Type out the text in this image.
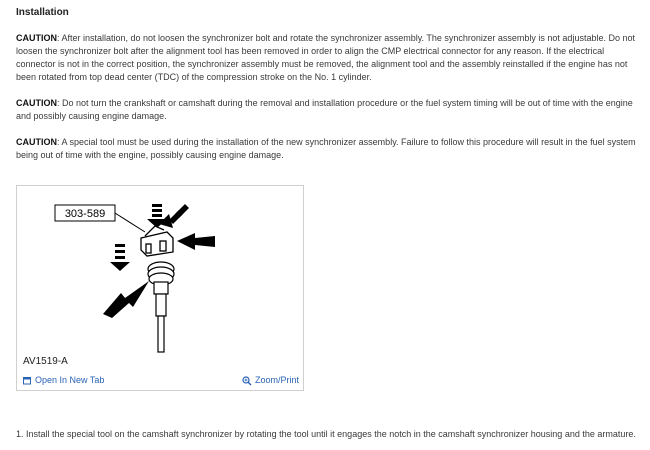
Installation
CAUTION: After installation, do not loosen the synchronizer bolt and rotate the synchronizer assembly. The synchronizer assembly is not adjustable. Do not loosen the synchronizer bolt after the alignment tool has been removed in order to align the CMP electrical connector for any reason. If the electrical connector is not in the correct position, the synchronizer assembly must be removed, the alignment tool and the assembly reinstalled if the engine has not been rotated from top dead center (TDC) of the compression stroke on the No. 1 cylinder.
CAUTION: Do not turn the crankshaft or camshaft during the removal and installation procedure or the fuel system timing will be out of time with the engine and possibly causing engine damage.
CAUTION: A special tool must be used during the installation of the new synchronizer assembly. Failure to follow this procedure will result in the fuel system being out of time with the engine, possibly causing engine damage.
303-589
AV1519-A
Open In New Tab	Zoom/Print
1. Install the special tool on the camshaft synchronizer by rotating the tool until it engages the notch in the camshaft synchronizer housing and the armature.
